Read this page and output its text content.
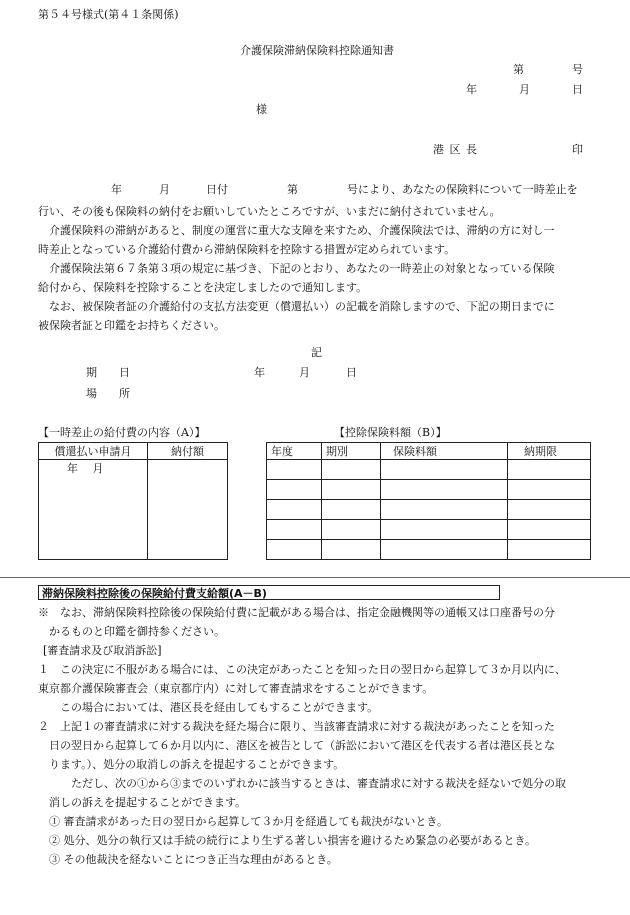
第５４号様式(第４１条関係)
介護保険滞納保険料控除通知書
第	号
年	月	日
様
港 区 長	印
年	月	日付	第	号により、あなたの保険料について一時差止を
行い、その後も保険料の納付をお願いしていたところですが、いまだに納付されていません。
介護保険料の滞納があると、制度の運営に重大な支障を来すため、介護保険法では、滞納の方に対し一
時差止となっている介護給付費から滞納保険料を控除する措置が定められています。
介護保険法第６７条第３項の規定に基づき、下記のとおり、あなたの一時差止の対象となっている保険
給付から、保険料を控除することを決定しましたので通知します。
なお、被保険者証の介護給付の支払方法変更（償還払い）の記載を消除しますので、下記の期日までに
被保険者証と印鑑をお持ちください。
記
期　　日	年	月	日
場　　所
【一時差止の給付費の内容（A）】
償還払い申請月	納付額
年　 月	
【控除保険料額（B）】
年度	期別	保険料額	納期限

滞納保険料控除後の保険給付費支給額(A－B)
※　なお、滞納保険料控除後の保険給付費に記載がある場合は、指定金融機関等の通帳又は口座番号の分
かるものと印鑑を御持参ください。
[審査請求及び取消訴訟]
１　この決定に不服がある場合には、この決定があったことを知った日の翌日から起算して３か月以内に、
東京都介護保険審査会（東京都庁内）に対して審査請求をすることができます。
この場合においては、港区長を経由してもすることができます。
２　上記１の審査請求に対する裁決を経た場合に限り、当該審査請求に対する裁決があったことを知った
日の翌日から起算して６か月以内に、港区を被告として（訴訟において港区を代表する者は港区長とな
ります。）、処分の取消しの訴えを提起することができます。
ただし、次の①から③までのいずれかに該当するときは、審査請求に対する裁決を経ないで処分の取
消しの訴えを提起することができます。
① 審査請求があった日の翌日から起算して３か月を経過しても裁決がないとき。
② 処分、処分の執行又は手続の続行により生ずる著しい損害を避けるため緊急の必要があるとき。
③ その他裁決を経ないことにつき正当な理由があるとき。
